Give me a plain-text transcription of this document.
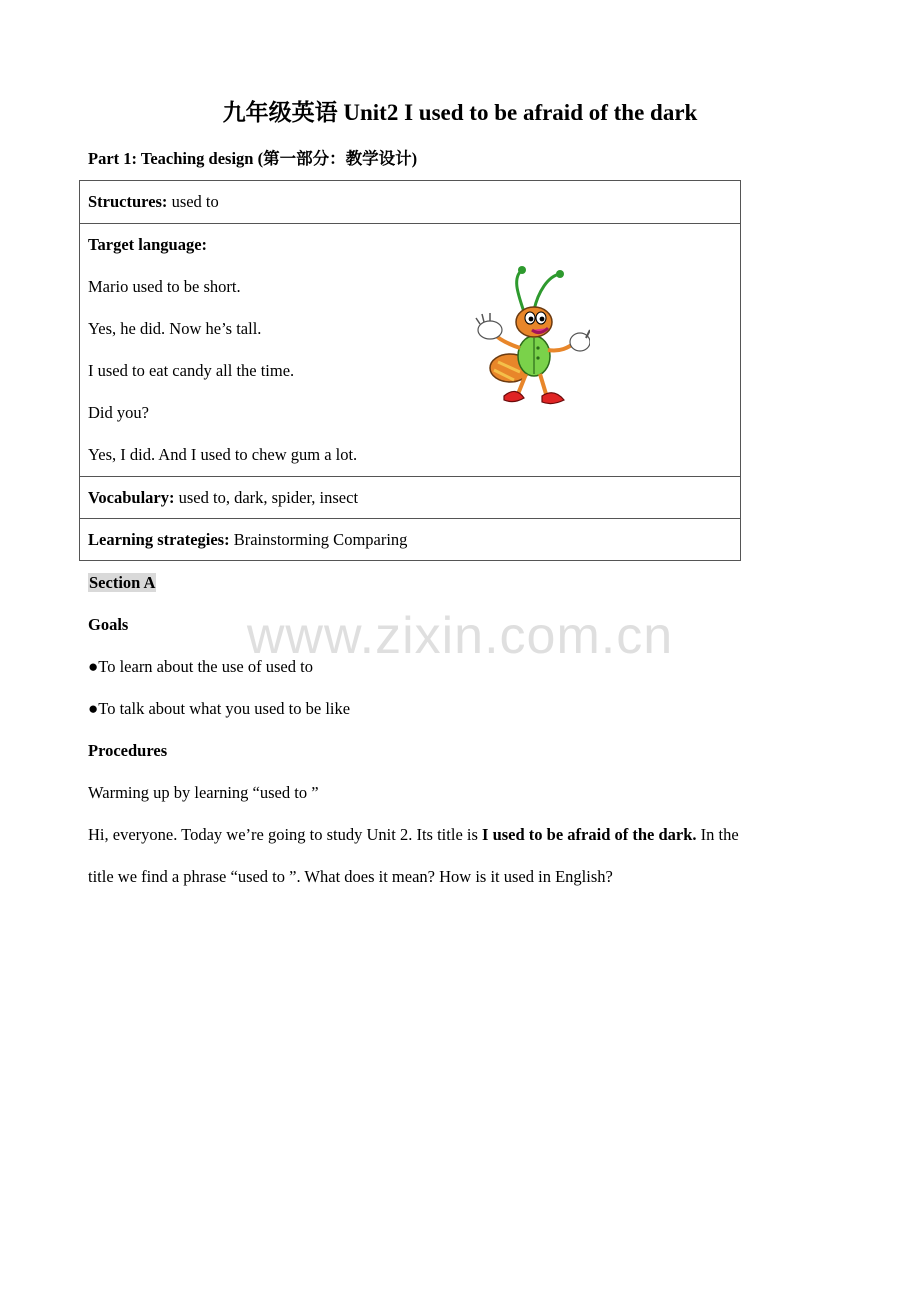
九年级英语 Unit2 I used to be afraid of the dark
Part 1: Teaching design (第一部分：教学设计)
Structures: used to
Target language:
Mario used to be short.
Yes, he did. Now he’s tall.
I used to eat candy all the time.
Did you?
Yes, I did. And I used to chew gum a lot.
Vocabulary: used to, dark, spider, insect
Learning strategies: Brainstorming Comparing
Section A
www.zixin.com.cn
Goals
●To learn about the use of used to
●To talk about what you used to be like
Procedures
Warming up by learning “used to ”
Hi, everyone. Today we’re going to study Unit 2. Its title is I used to be afraid of the dark. In the
title we find a phrase “used to ”. What does it mean? How is it used in English?
